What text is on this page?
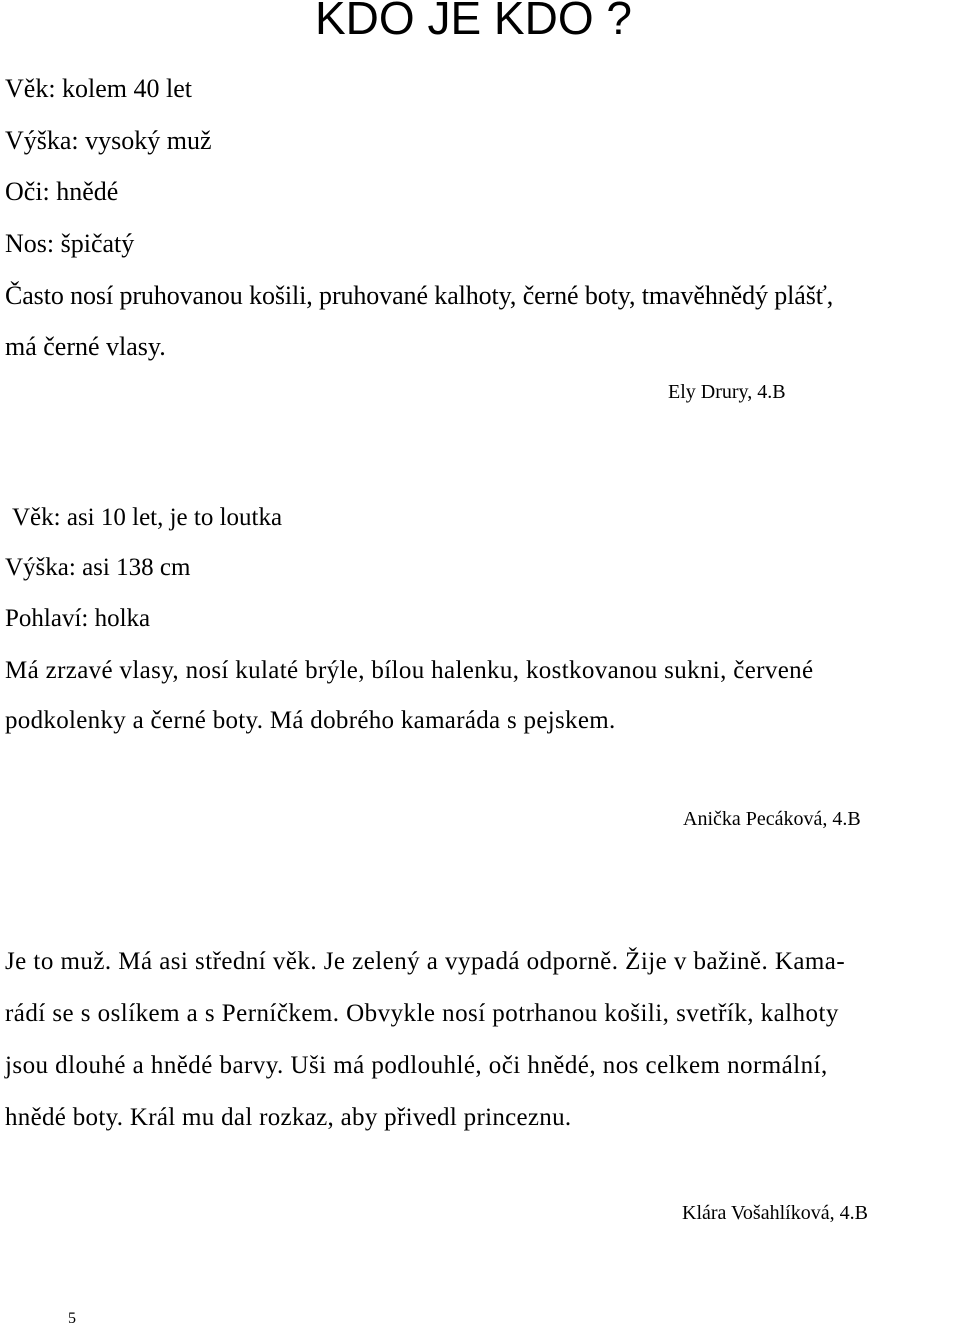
KDO JE KDO ?
Věk: kolem 40 let
Výška: vysoký muž
Oči: hnědé
Nos: špičatý
Často nosí pruhovanou košili, pruhované kalhoty, černé boty, tmavěhnědý plášť,
má černé vlasy.
Ely Drury, 4.B
Věk: asi 10 let, je to loutka
Výška: asi 138 cm
Pohlaví: holka
Má zrzavé vlasy, nosí kulaté brýle, bílou halenku, kostkovanou sukni, červené
podkolenky a černé boty. Má dobrého kamaráda s pejskem.
Anička Pecáková, 4.B
Je to muž. Má asi střední věk. Je zelený a vypadá odporně. Žije v bažině. Kama-
rádí se s oslíkem a s Perníčkem. Obvykle nosí potrhanou košili, svetřík, kalhoty
jsou dlouhé a hnědé barvy. Uši má podlouhlé, oči hnědé, nos celkem normální,
hnědé boty. Král mu dal rozkaz, aby přivedl princeznu.
Klára Vošahlíková, 4.B
5
